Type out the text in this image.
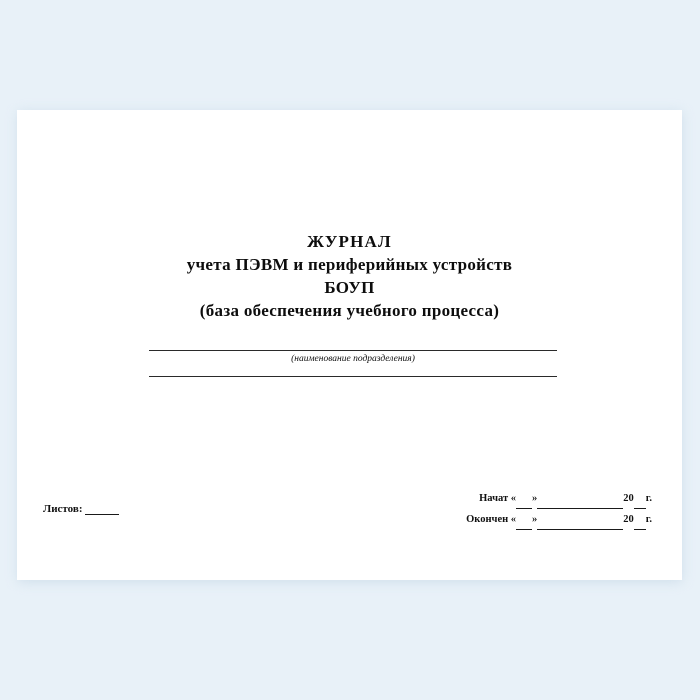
ЖУРНАЛ
учета ПЭВМ и периферийных устройств
БОУП
(база обеспечения учебного процесса)
(наименование подразделения)
Листов:
Начат « »	20 г.
Окончен « »	20 г.
